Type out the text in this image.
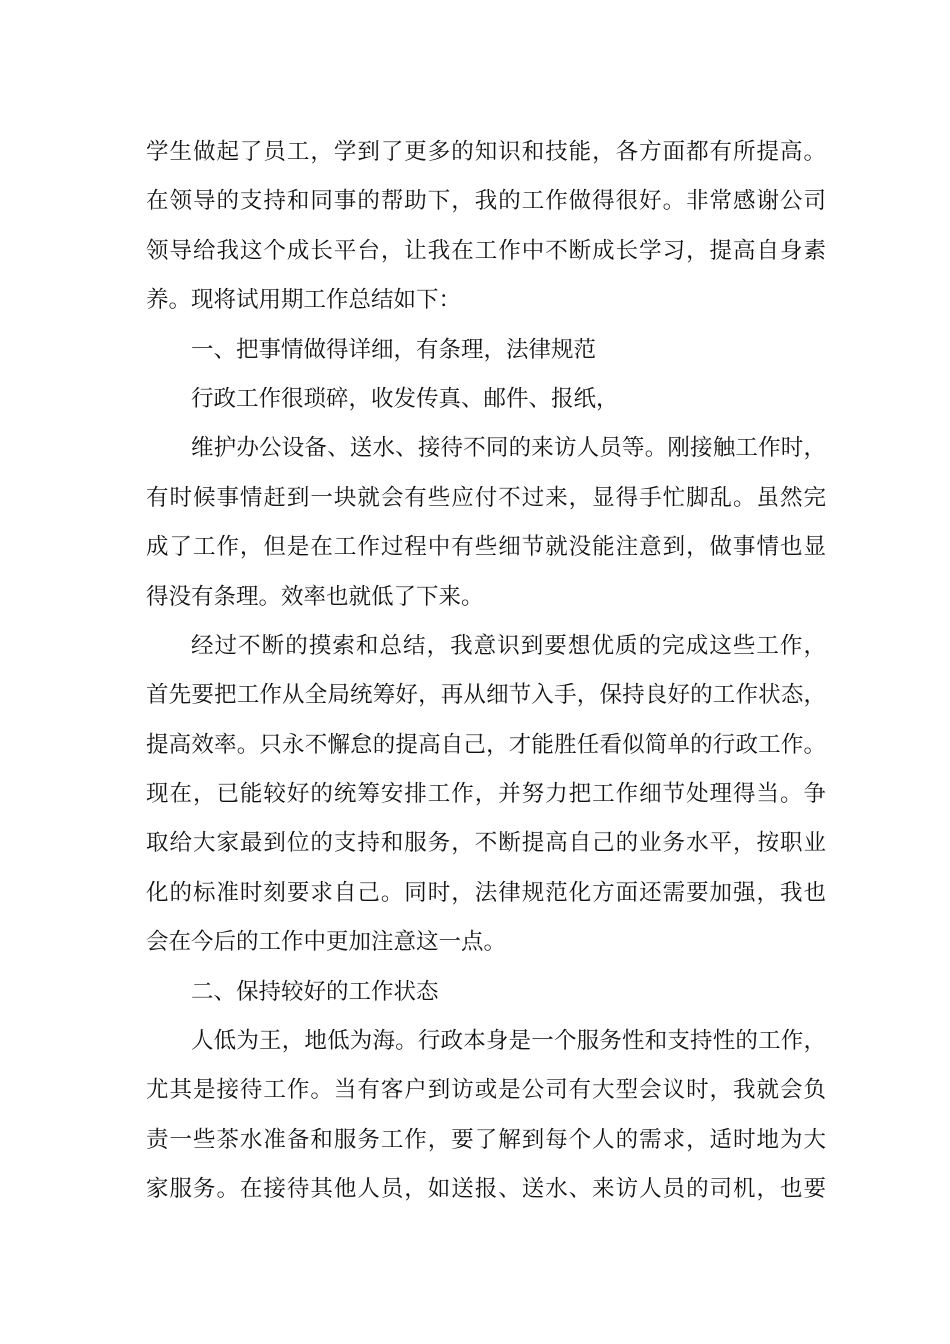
学生做起了员工，学到了更多的知识和技能，各方面都有所提高。
在领导的支持和同事的帮助下，我的工作做得很好。非常感谢公司
领导给我这个成长平台，让我在工作中不断成长学习，提高自身素
养。现将试用期工作总结如下：
一、把事情做得详细，有条理，法律规范
行政工作很琐碎，收发传真、邮件、报纸，
维护办公设备、送水、接待不同的来访人员等。刚接触工作时，
有时候事情赶到一块就会有些应付不过来，显得手忙脚乱。虽然完
成了工作，但是在工作过程中有些细节就没能注意到，做事情也显
得没有条理。效率也就低了下来。
经过不断的摸索和总结，我意识到要想优质的完成这些工作，
首先要把工作从全局统筹好，再从细节入手，保持良好的工作状态，
提高效率。只永不懈怠的提高自己，才能胜任看似简单的行政工作。
现在，已能较好的统筹安排工作，并努力把工作细节处理得当。争
取给大家最到位的支持和服务，不断提高自己的业务水平，按职业
化的标准时刻要求自己。同时，法律规范化方面还需要加强，我也
会在今后的工作中更加注意这一点。
二、保持较好的工作状态
人低为王，地低为海。行政本身是一个服务性和支持性的工作，
尤其是接待工作。当有客户到访或是公司有大型会议时，我就会负
责一些茶水准备和服务工作，要了解到每个人的需求，适时地为大
家服务。在接待其他人员，如送报、送水、来访人员的司机，也要
